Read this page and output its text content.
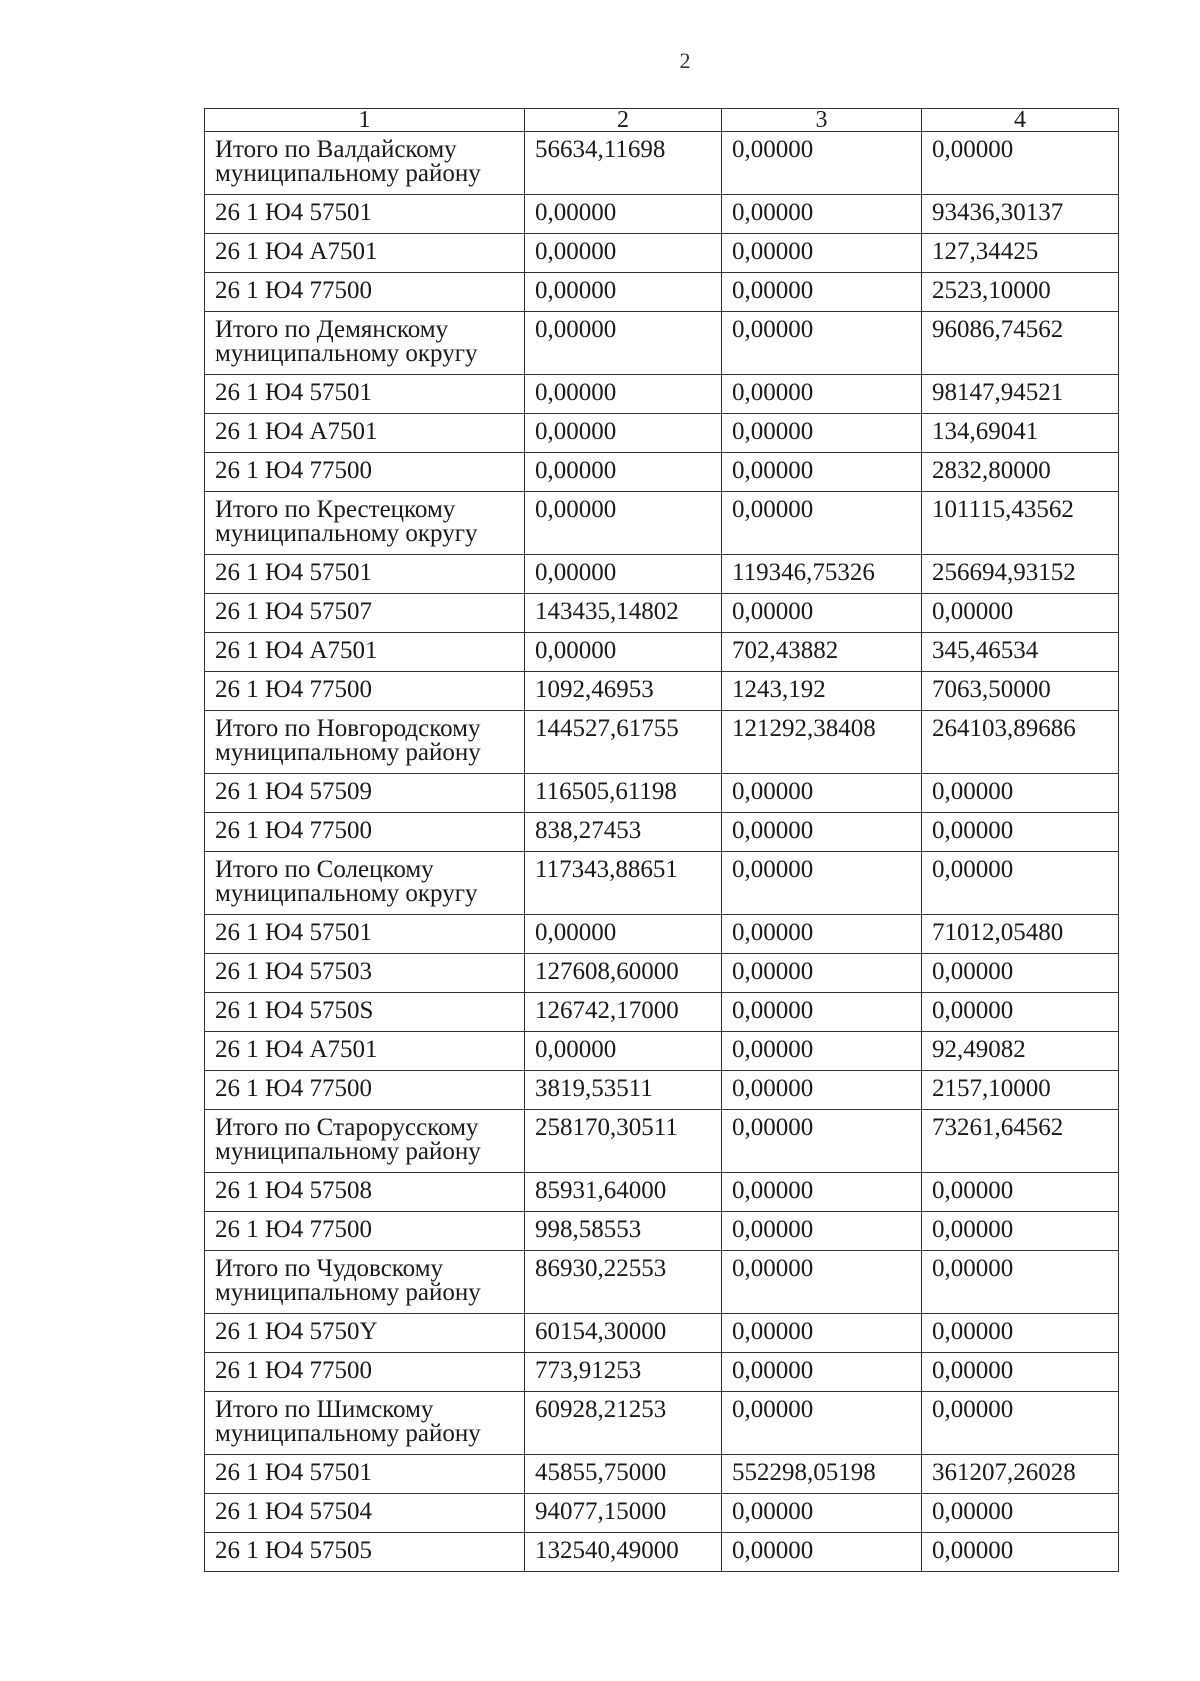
2
1	2	3	4
Итого по Валдайскому муниципальному району	56634,11698	0,00000	0,00000
26 1 Ю4 57501	0,00000	0,00000	93436,30137
26 1 Ю4 А7501	0,00000	0,00000	127,34425
26 1 Ю4 77500	0,00000	0,00000	2523,10000
Итого по Демянскому муниципальному округу	0,00000	0,00000	96086,74562
26 1 Ю4 57501	0,00000	0,00000	98147,94521
26 1 Ю4 А7501	0,00000	0,00000	134,69041
26 1 Ю4 77500	0,00000	0,00000	2832,80000
Итого по Крестецкому муниципальному округу	0,00000	0,00000	101115,43562
26 1 Ю4 57501	0,00000	119346,75326	256694,93152
26 1 Ю4 57507	143435,14802	0,00000	0,00000
26 1 Ю4 А7501	0,00000	702,43882	345,46534
26 1 Ю4 77500	1092,46953	1243,192	7063,50000
Итого по Новгородскому муниципальному району	144527,61755	121292,38408	264103,89686
26 1 Ю4 57509	116505,61198	0,00000	0,00000
26 1 Ю4 77500	838,27453	0,00000	0,00000
Итого по Солецкому муниципальному округу	117343,88651	0,00000	0,00000
26 1 Ю4 57501	0,00000	0,00000	71012,05480
26 1 Ю4 57503	127608,60000	0,00000	0,00000
26 1 Ю4 5750S	126742,17000	0,00000	0,00000
26 1 Ю4 А7501	0,00000	0,00000	92,49082
26 1 Ю4 77500	3819,53511	0,00000	2157,10000
Итого по Старорусскому муниципальному району	258170,30511	0,00000	73261,64562
26 1 Ю4 57508	85931,64000	0,00000	0,00000
26 1 Ю4 77500	998,58553	0,00000	0,00000
Итого по Чудовскому муниципальному району	86930,22553	0,00000	0,00000
26 1 Ю4 5750Y	60154,30000	0,00000	0,00000
26 1 Ю4 77500	773,91253	0,00000	0,00000
Итого по Шимскому муниципальному району	60928,21253	0,00000	0,00000
26 1 Ю4 57501	45855,75000	552298,05198	361207,26028
26 1 Ю4 57504	94077,15000	0,00000	0,00000
26 1 Ю4 57505	132540,49000	0,00000	0,00000
